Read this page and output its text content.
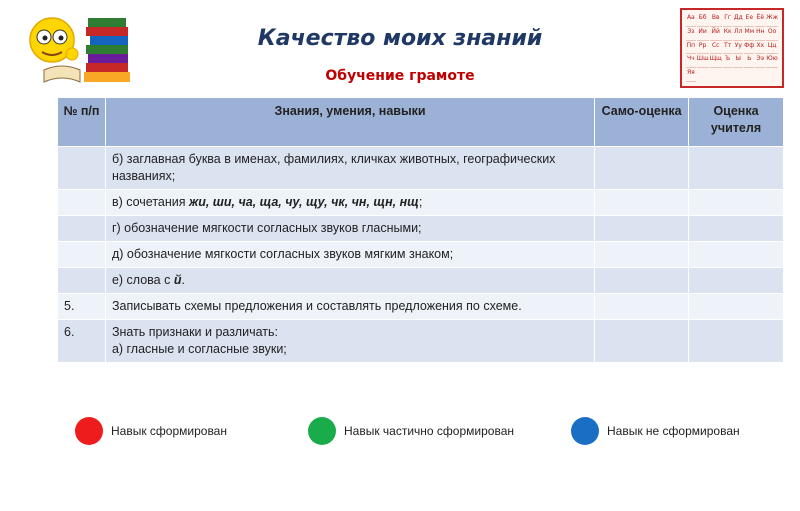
Аа Бб Вв Гг Дд Ее Ёё Жж
Зз Ии Йй Кк Лл Мм Нн Оо
Пп Рр Сс Тт Уу Фф Хх Цц
Чч Шш Щщ Ъ Ы	Ь Ээ Юю
Яя
Качество моих знаний
Обучение грамоте
№ п/п	Знания, умения, навыки	Само-оценка	Оценка учителя
	б) заглавная буква в именах, фамилиях, кличках животных, географических названиях;		
	в) сочетания жи, ши, ча, ща, чу, щу, чк, чн, щн, нщ;		
	г) обозначение мягкости согласных звуков гласными;		
	д) обозначение мягкости согласных звуков мягким знаком;		
	е) слова с й.		
5.	Записывать схемы предложения и составлять предложения по схеме.		
6.	Знать признаки и различать:
а) гласные и согласные звуки;		

Навык сформирован	Навык частично сформирован	Навык не сформирован
